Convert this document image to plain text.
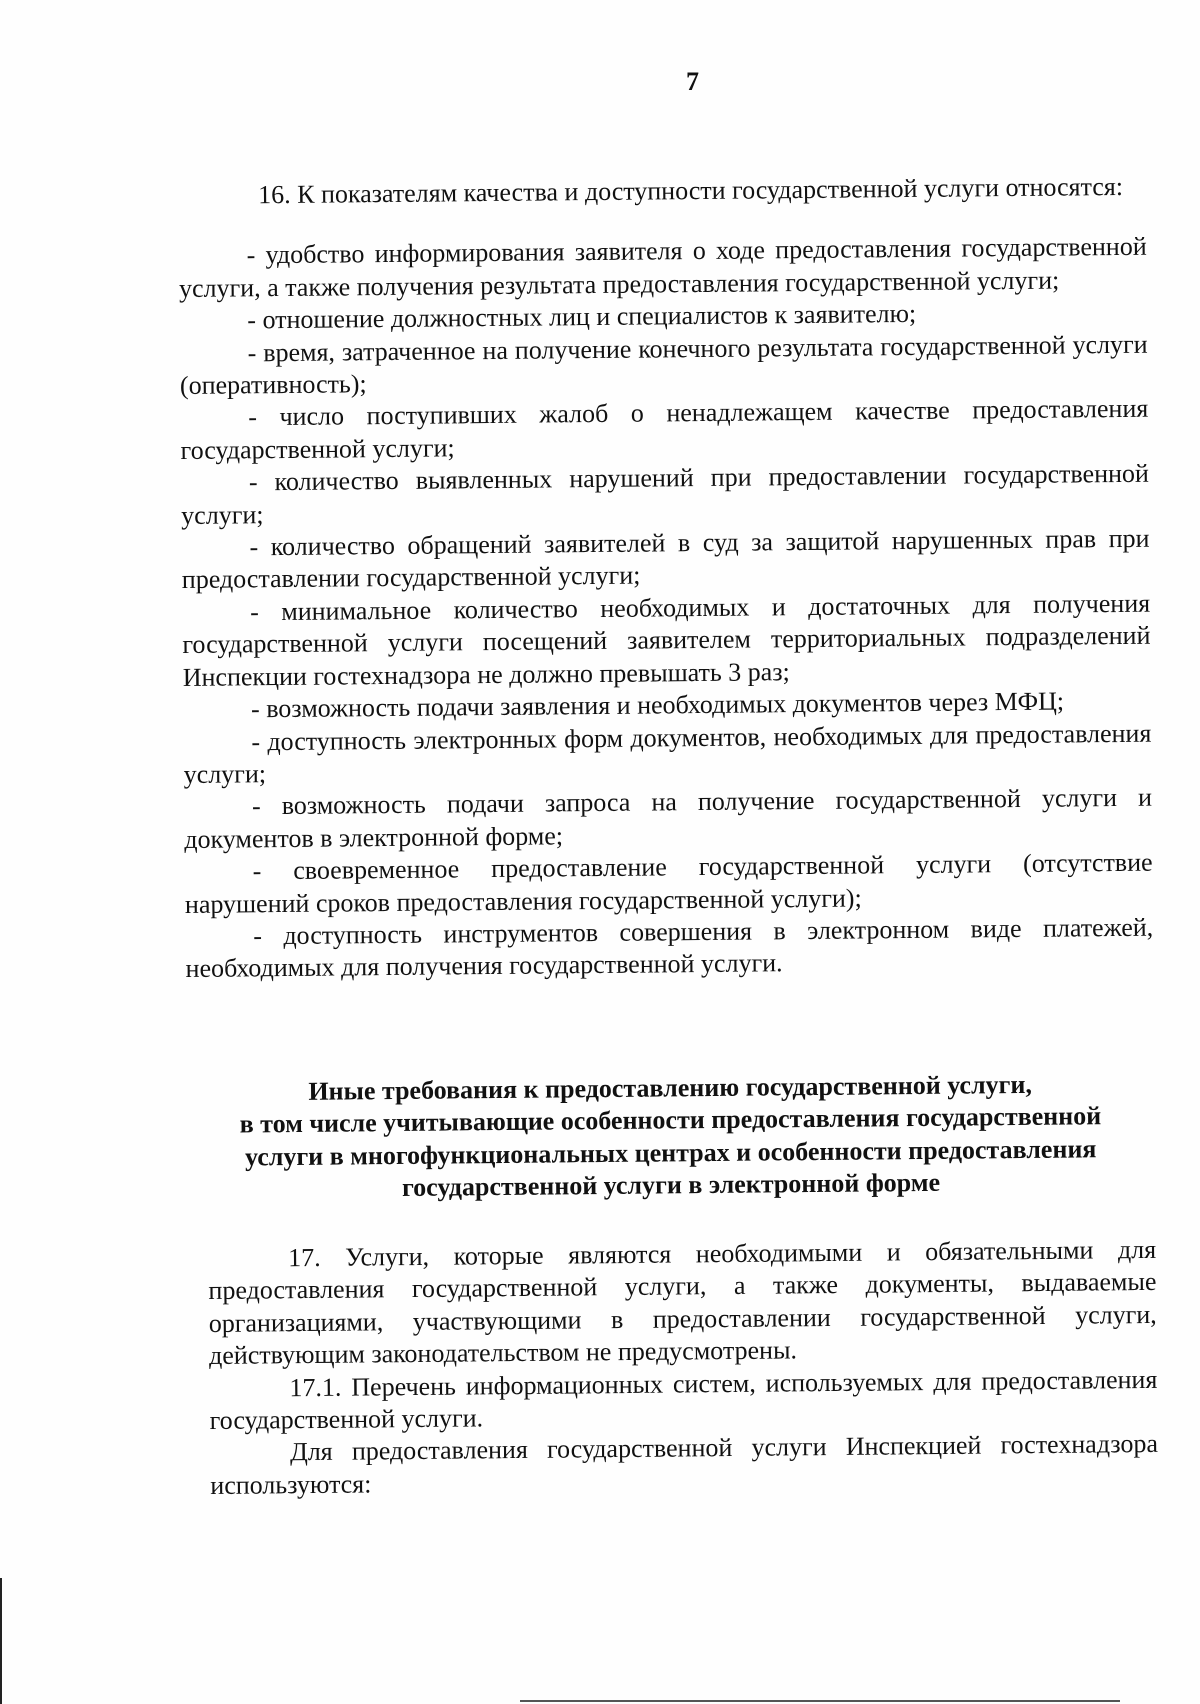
7

16. К показателям качества и доступности государственной услуги относятся:

- удобство информирования заявителя о ходе предоставления государственной услуги, а также получения результата предоставления государственной услуги;

- отношение должностных лиц и специалистов к заявителю;

- время, затраченное на получение конечного результата государственной услуги (оперативность);

- число поступивших жалоб о ненадлежащем качестве предоставления государственной услуги;

- количество выявленных нарушений при предоставлении государственной услуги;

- количество обращений заявителей в суд за защитой нарушенных прав при предоставлении государственной услуги;

- минимальное количество необходимых и достаточных для получения государственной услуги посещений заявителем территориальных подразделений Инспекции гостехнадзора не должно превышать 3 раз;

- возможность подачи заявления и необходимых документов через МФЦ;

- доступность электронных форм документов, необходимых для предоставления услуги;

- возможность подачи запроса на получение государственной услуги и документов в электронной форме;

- своевременное предоставление государственной услуги (отсутствие нарушений сроков предоставления государственной услуги);

- доступность инструментов совершения в электронном виде платежей, необходимых для получения государственной услуги.

Иные требования к предоставлению государственной услуги,
в том числе учитывающие особенности предоставления государственной
услуги в многофункциональных центрах и особенности предоставления
государственной услуги в электронной форме

17. Услуги, которые являются необходимыми и обязательными для предоставления государственной услуги, а также документы, выдаваемые организациями, участвующими в предоставлении государственной услуги, действующим законодательством не предусмотрены.

17.1. Перечень информационных систем, используемых для предоставления государственной услуги.

Для предоставления государственной услуги Инспекцией гостехнадзора используются:
